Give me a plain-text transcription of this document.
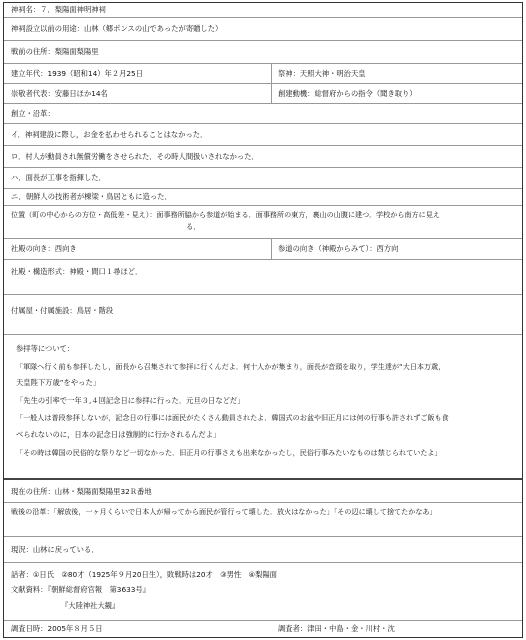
神祠名：７．梨陽面神明神祠
神祠設立以前の用途：山林（郷ポンスの山であったが寄贈した）
戦前の住所：梨陽面梨陽里
建立年代：1939（昭和14）年２月25日	祭神：天照大神・明治天皇
崇敬者代表：安藤日ほか14名	創建動機：総督府からの指令（聞き取り）
創立・沿革：
イ．神祠建設に際し，お金を払わせられることはなかった．
ロ．村人が動員され無償労働をさせられた．その時人間扱いされなかった．
ハ．面長が工事を指揮した．
ニ．朝鮮人の技術者が棟梁・鳥居ともに造った．
位置（町の中心からの方位・高低差・見え）：面事務所脇から参道が始まる．面事務所の東方，裏山の山腹に建つ．学校から南方に見え
る．
社殿の向き：西向き	参道の向き（神殿からみて）：西方向
社殿・構造形式：神殿・間口１尋ほど．
付属屋・付属施設：鳥居・階段
参拝等について：
「軍隊へ行く前も参拝したし，面長から召集されて参拝に行くんだよ．何十人かが集まり，面長が音頭を取り，学生達が“大日本万歳，
天皇陛下万歳”をやった」
「先生の引率で一年３,４回記念日に参拝に行った．元旦の日などだ」
「一般人は普段参拝しないが，記念日の行事には面民がたくさん動員されたよ．韓国式のお盆や旧正月には何の行事も許されずご飯も食
べられないのに，日本の記念日は強制的に行かされるんだよ」
「その時は韓国の民俗的な祭りなど一切なかった．旧正月の行事さえも出来なかったし，民俗行事みたいなものは禁じられていたよ」
現在の住所：山林・梨陽面梨陽里32Ｒ番地
戦後の沿革：「解放後，一ヶ月くらいで日本人が帰ってから面民が管行って壊した．放火はなかった」「その辺に壊して捨てたかなあ」
現況：山林に戻っている．
話者：①日氏　②80才（1925年９月20日生），敗戦時は20才　③男性　④梨陽面
文献資料：『朝鮮総督府官報　第3633号』
『大陸神社大観』
調査日時：2005年８月５日	調査者：津田・中島・金・川村・沈
